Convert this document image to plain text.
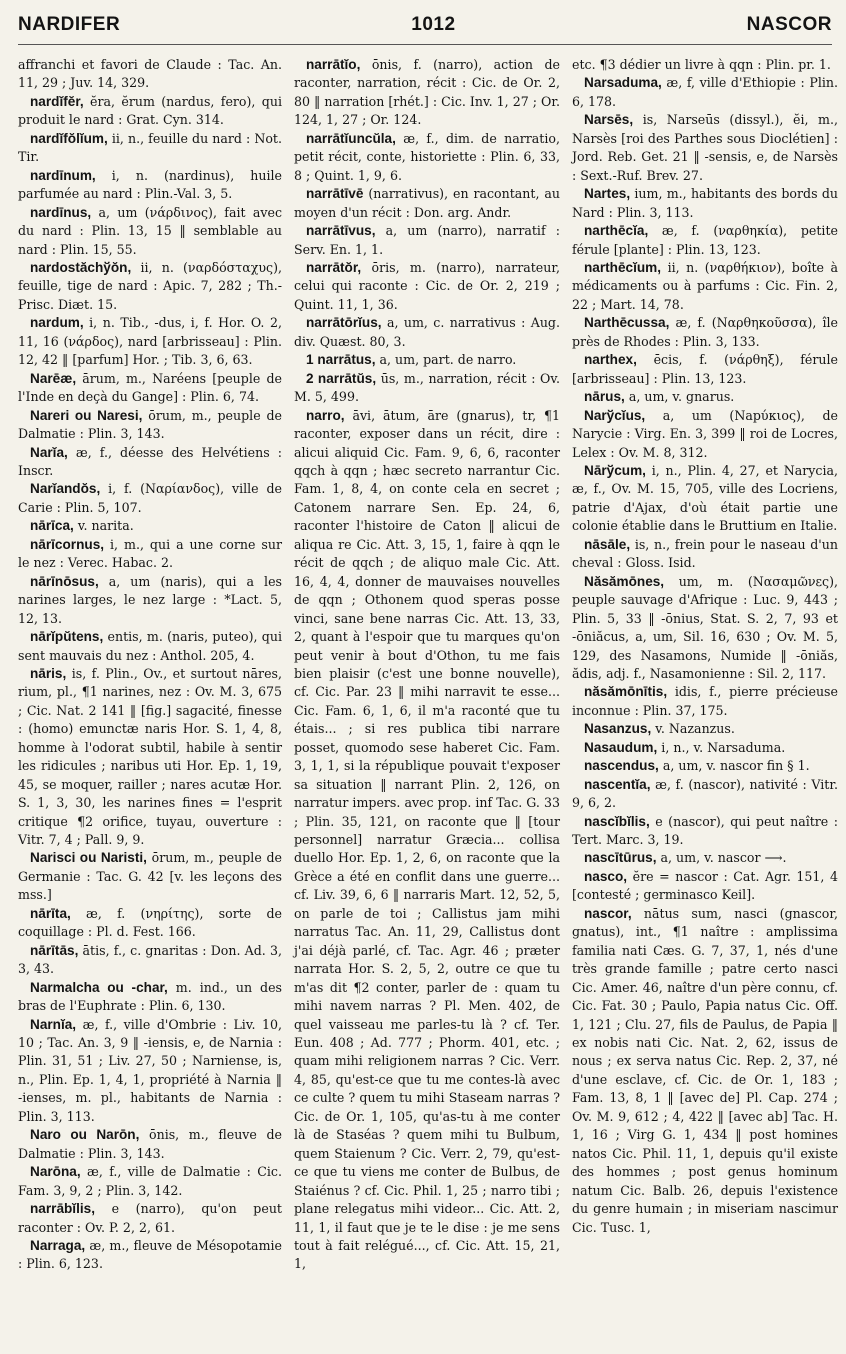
NARDIFER	1012	NASCOR

affranchi et favori de Claude : Tac. An. 11, 29 ; Juv. 14, 329.

nardĭfĕr, ĕra, ĕrum (nardus, fero), qui produit le nard : Grat. Cyn. 314.

nardĭfŏlĭum, ii, n., feuille du nard : Not. Tir.

nardīnum, i, n. (nardinus), huile parfumée au nard : Plin.-Val. 3, 5.

nardīnus, a, um (νάρδινος), fait avec du nard : Plin. 13, 15 ‖ semblable au nard : Plin. 15, 55.

nardostăchўŏn, ii, n. (ναρδόσταχυς), feuille, tige de nard : Apic. 7, 282 ; Th.-Prisc. Diæt. 15.

nardum, i, n. Tib., -dus, i, f. Hor. O. 2, 11, 16 (νάρδος), nard [arbrisseau] : Plin. 12, 42 ‖ [parfum] Hor. ; Tib. 3, 6, 63.

Narēæ, ārum, m., Naréens [peuple de l'Inde en deçà du Gange] : Plin. 6, 74.

Nareri ou Naresi, ōrum, m., peuple de Dalmatie : Plin. 3, 143.

Narĭa, æ, f., déesse des Helvétiens : Inscr.

Narĭandŏs, i, f. (Ναρίανδος), ville de Carie : Plin. 5, 107.

nārīca, v. narita.

nārīcornus, i, m., qui a une corne sur le nez : Verec. Habac. 2.

nārīnōsus, a, um (naris), qui a les narines larges, le nez large : *Lact. 5, 12, 13.

nārĭpŭtens, entis, m. (naris, puteo), qui sent mauvais du nez : Anthol. 205, 4.

nāris, is, f. Plin., Ov., et surtout nāres, rium, pl., ¶1 narines, nez : Ov. M. 3, 675 ; Cic. Nat. 2 141 ‖ [fig.] sagacité, finesse : (homo) emunctæ naris Hor. S. 1, 4, 8, homme à l'odorat subtil, habile à sentir les ridicules ; naribus uti Hor. Ep. 1, 19, 45, se moquer, railler ; nares acutæ Hor. S. 1, 3, 30, les narines fines = l'esprit critique ¶2 orifice, tuyau, ouverture : Vitr. 7, 4 ; Pall. 9, 9.

Narisci ou Naristi, ōrum, m., peuple de Germanie : Tac. G. 42 [v. les leçons des mss.]

nārīta, æ, f. (νηρίτης), sorte de coquillage : Pl. d. Fest. 166.

nārītās, ātis, f., c. gnaritas : Don. Ad. 3, 3, 43.

Narmalcha ou -char, m. ind., un des bras de l'Euphrate : Plin. 6, 130.

Narnĭa, æ, f., ville d'Ombrie : Liv. 10, 10 ; Tac. An. 3, 9 ‖ -iensis, e, de Narnia : Plin. 31, 51 ; Liv. 27, 50 ; Narniense, is, n., Plin. Ep. 1, 4, 1, propriété à Narnia ‖ -ienses, m. pl., habitants de Narnia : Plin. 3, 113.

Naro ou Narōn, ōnis, m., fleuve de Dalmatie : Plin. 3, 143.

Narōna, æ, f., ville de Dalmatie : Cic. Fam. 3, 9, 2 ; Plin. 3, 142.

narrābĭlis, e (narro), qu'on peut raconter : Ov. P. 2, 2, 61.

Narraga, æ, m., fleuve de Mésopotamie : Plin. 6, 123.

narrātĭo, ōnis, f. (narro), action de raconter, narration, récit : Cic. de Or. 2, 80 ‖ narration [rhét.] : Cic. Inv. 1, 27 ; Or. 124, 1, 27 ; Or. 124.

narrātĭuncŭla, æ, f., dim. de narratio, petit récit, conte, historiette : Plin. 6, 33, 8 ; Quint. 1, 9, 6.

narrātīvē (narrativus), en racontant, au moyen d'un récit : Don. arg. Andr.

narrātīvus, a, um (narro), narratif : Serv. En. 1, 1.

narrātŏr, ōris, m. (narro), narrateur, celui qui raconte : Cic. de Or. 2, 219 ; Quint. 11, 1, 36.

narrātōrĭus, a, um, c. narrativus : Aug. div. Quæst. 80, 3.

1 narrātus, a, um, part. de narro.

2 narrātŭs, ūs, m., narration, récit : Ov. M. 5, 499.

narro, āvi, ātum, āre (gnarus), tr, ¶1 raconter, exposer dans un récit, dire : alicui aliquid Cic. Fam. 9, 6, 6, raconter qqch à qqn ; hæc secreto narrantur Cic. Fam. 1, 8, 4, on conte cela en secret ; Catonem narrare Sen. Ep. 24, 6, raconter l'histoire de Caton ‖ alicui de aliqua re Cic. Att. 3, 15, 1, faire à qqn le récit de qqch ; de aliquo male Cic. Att. 16, 4, 4, donner de mauvaises nouvelles de qqn ; Othonem quod speras posse vinci, sane bene narras Cic. Att. 13, 33, 2, quant à l'espoir que tu marques qu'on peut venir à bout d'Othon, tu me fais bien plaisir (c'est une bonne nouvelle), cf. Cic. Par. 23 ‖ mihi narravit te esse... Cic. Fam. 6, 1, 6, il m'a raconté que tu étais... ; si res publica tibi narrare posset, quomodo sese haberet Cic. Fam. 3, 1, 1, si la république pouvait t'exposer sa situation ‖ narrant Plin. 2, 126, on narratur impers. avec prop. inf Tac. G. 33 ; Plin. 35, 121, on raconte que ‖ [tour personnel] narratur Græcia... collisa duello Hor. Ep. 1, 2, 6, on raconte que la Grèce a été en conflit dans une guerre... cf. Liv. 39, 6, 6 ‖ narraris Mart. 12, 52, 5, on parle de toi ; Callistus jam mihi narratus Tac. An. 11, 29, Callistus dont j'ai déjà parlé, cf. Tac. Agr. 46 ; præter narrata Hor. S. 2, 5, 2, outre ce que tu m'as dit ¶2 conter, parler de : quam tu mihi navem narras ? Pl. Men. 402, de quel vaisseau me parles-tu là ? cf. Ter. Eun. 408 ; Ad. 777 ; Phorm. 401, etc. ; quam mihi religionem narras ? Cic. Verr. 4, 85, qu'est-ce que tu me contes-là avec ce culte ? quem tu mihi Staseam narras ? Cic. de Or. 1, 105, qu'as-tu à me conter là de Staséas ? quem mihi tu Bulbum, quem Staienum ? Cic. Verr. 2, 79, qu'est-ce que tu viens me conter de Bulbus, de Staiénus ? cf. Cic. Phil. 1, 25 ; narro tibi ; plane relegatus mihi videor... Cic. Att. 2, 11, 1, il faut que je te le dise : je me sens tout à fait relégué..., cf. Cic. Att. 15, 21, 1,

etc. ¶3 dédier un livre à qqn : Plin. pr. 1.

Narsaduma, æ, f, ville d'Ethiopie : Plin. 6, 178.

Narsēs, is, Narseūs (dissyl.), ĕi, m., Narsès [roi des Parthes sous Dioclétien] : Jord. Reb. Get. 21 ‖ -sensis, e, de Narsès : Sext.-Ruf. Brev. 27.

Nartes, ium, m., habitants des bords du Nard : Plin. 3, 113.

narthēcĭa, æ, f. (ναρθηκία), petite férule [plante] : Plin. 13, 123.

narthēcĭum, ii, n. (ναρθήκιον), boîte à médicaments ou à parfums : Cic. Fin. 2, 22 ; Mart. 14, 78.

Narthēcussa, æ, f. (Ναρθηκοῦσσα), île près de Rhodes : Plin. 3, 133.

narthex, ēcis, f. (νάρθηξ), férule [arbrisseau] : Plin. 13, 123.

nārus, a, um, v. gnarus.

Narўcĭus, a, um (Νарύκιος), de Narycie : Virg. En. 3, 399 ‖ roi de Locres, Lelex : Ov. M. 8, 312.

Nārўcum, i, n., Plin. 4, 27, et Narycia, æ, f., Ov. M. 15, 705, ville des Locriens, patrie d'Ajax, d'où était partie une colonie établie dans le Bruttium en Italie.

nāsāle, is, n., frein pour le naseau d'un cheval : Gloss. Isid.

Năsămōnes, um, m. (Νασαμῶνες), peuple sauvage d'Afrique : Luc. 9, 443 ; Plin. 5, 33 ‖ -ōnius, Stat. S. 2, 7, 93 et -ōniăcus, a, um, Sil. 16, 630 ; Ov. M. 5, 129, des Nasamons, Numide ‖ -ōniăs, ădis, adj. f., Nasamonienne : Sil. 2, 117.

năsămōnītis, idis, f., pierre précieuse inconnue : Plin. 37, 175.

Nasanzus, v. Nazanzus.

Nasaudum, i, n., v. Narsaduma.

nascendus, a, um, v. nascor fin § 1.

nascentĭa, æ, f. (nascor), nativité : Vitr. 9, 6, 2.

nascĭbĭlis, e (nascor), qui peut naître : Tert. Marc. 3, 19.

nascītūrus, a, um, v. nascor ⟶.

nasco, ĕre = nascor : Cat. Agr. 151, 4 [contesté ; germinasco Keil].

nascor, nātus sum, nasci (gnascor, gnatus), int., ¶1 naître : amplissima familia nati Cæs. G. 7, 37, 1, nés d'une très grande famille ; patre certo nasci Cic. Amer. 46, naître d'un père connu, cf. Cic. Fat. 30 ; Paulo, Papia natus Cic. Off. 1, 121 ; Clu. 27, fils de Paulus, de Papia ‖ ex nobis nati Cic. Nat. 2, 62, issus de nous ; ex serva natus Cic. Rep. 2, 37, né d'une esclave, cf. Cic. de Or. 1, 183 ; Fam. 13, 8, 1 ‖ [avec de] Pl. Cap. 274 ; Ov. M. 9, 612 ; 4, 422 ‖ [avec ab] Tac. H. 1, 16 ; Virg G. 1, 434 ‖ post homines natos Cic. Phil. 11, 1, depuis qu'il existe des hommes ; post genus hominum natum Cic. Balb. 26, depuis l'existence du genre humain ; in miseriam nascimur Cic. Tusc. 1,
